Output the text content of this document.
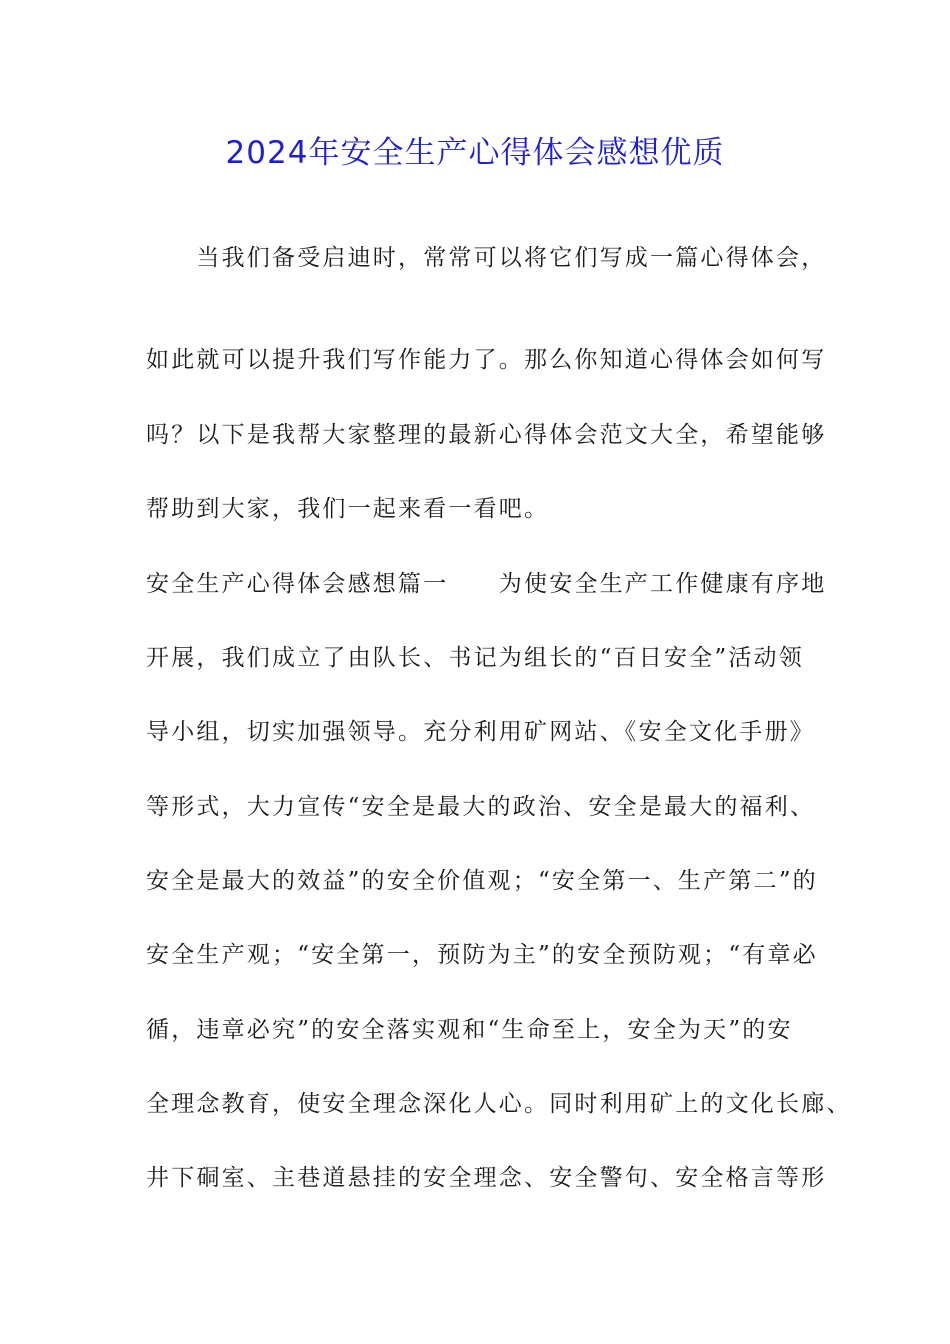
2024年安全生产心得体会感想优质

　　当我们备受启迪时，常常可以将它们写成一篇心得体会，

如此就可以提升我们写作能力了。那么你知道心得体会如何写

吗？以下是我帮大家整理的最新心得体会范文大全，希望能够

帮助到大家，我们一起来看一看吧。

安全生产心得体会感想篇一　　为使安全生产工作健康有序地

开展，我们成立了由队长、书记为组长的“百日安全”活动领

导小组，切实加强领导。充分利用矿网站、《安全文化手册》

等形式，大力宣传“安全是最大的政治、安全是最大的福利、

安全是最大的效益”的安全价值观；“安全第一、生产第二”的

安全生产观；“安全第一，预防为主”的安全预防观；“有章必

循，违章必究”的安全落实观和“生命至上，安全为天”的安

全理念教育，使安全理念深化人心。同时利用矿上的文化长廊、

井下硐室、主巷道悬挂的安全理念、安全警句、安全格言等形
